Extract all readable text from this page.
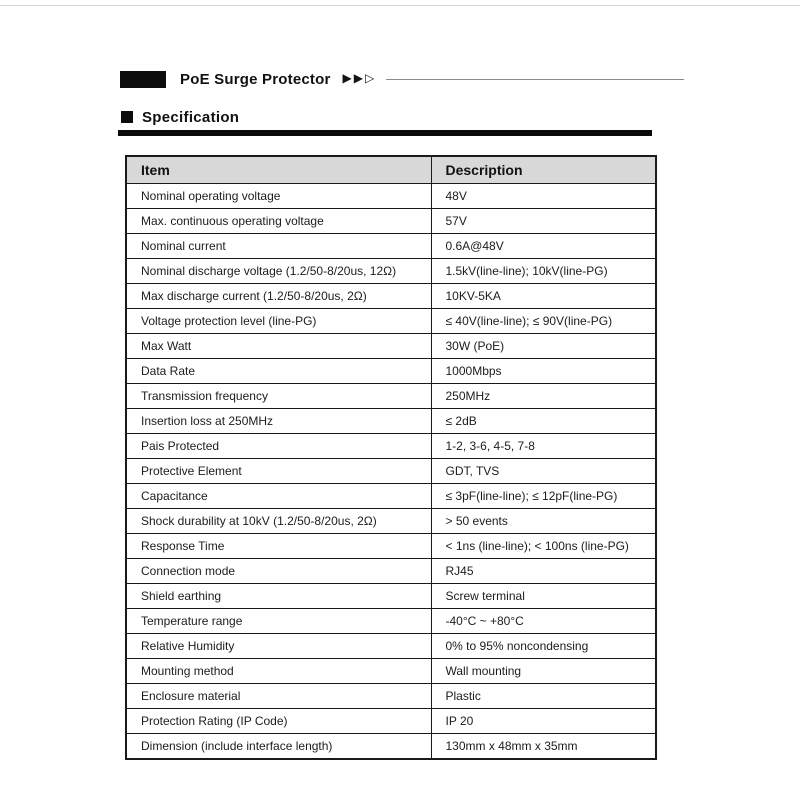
PoE Surge Protector ▶▶▷
Specification
Item	Description
Nominal operating voltage	48V
Max. continuous operating voltage	57V
Nominal current	0.6A@48V
Nominal discharge voltage (1.2/50-8/20us, 12Ω)	1.5kV(line-line); 10kV(line-PG)
Max discharge current (1.2/50-8/20us, 2Ω)	10KV-5KA
Voltage protection level (line-PG)	≤ 40V(line-line); ≤ 90V(line-PG)
Max Watt	30W (PoE)
Data Rate	1000Mbps
Transmission frequency	250MHz
Insertion loss at 250MHz	≤ 2dB
Pais Protected	1-2, 3-6, 4-5, 7-8
Protective Element	GDT, TVS
Capacitance	≤ 3pF(line-line); ≤ 12pF(line-PG)
Shock durability at 10kV (1.2/50-8/20us, 2Ω)	> 50 events
Response Time	< 1ns (line-line); < 100ns (line-PG)
Connection mode	RJ45
Shield earthing	Screw terminal
Temperature range	-40°C ~ +80°C
Relative Humidity	0% to 95% noncondensing
Mounting method	Wall mounting
Enclosure material	Plastic
Protection Rating (IP Code)	IP 20
Dimension (include interface length)	130mm x 48mm x 35mm
